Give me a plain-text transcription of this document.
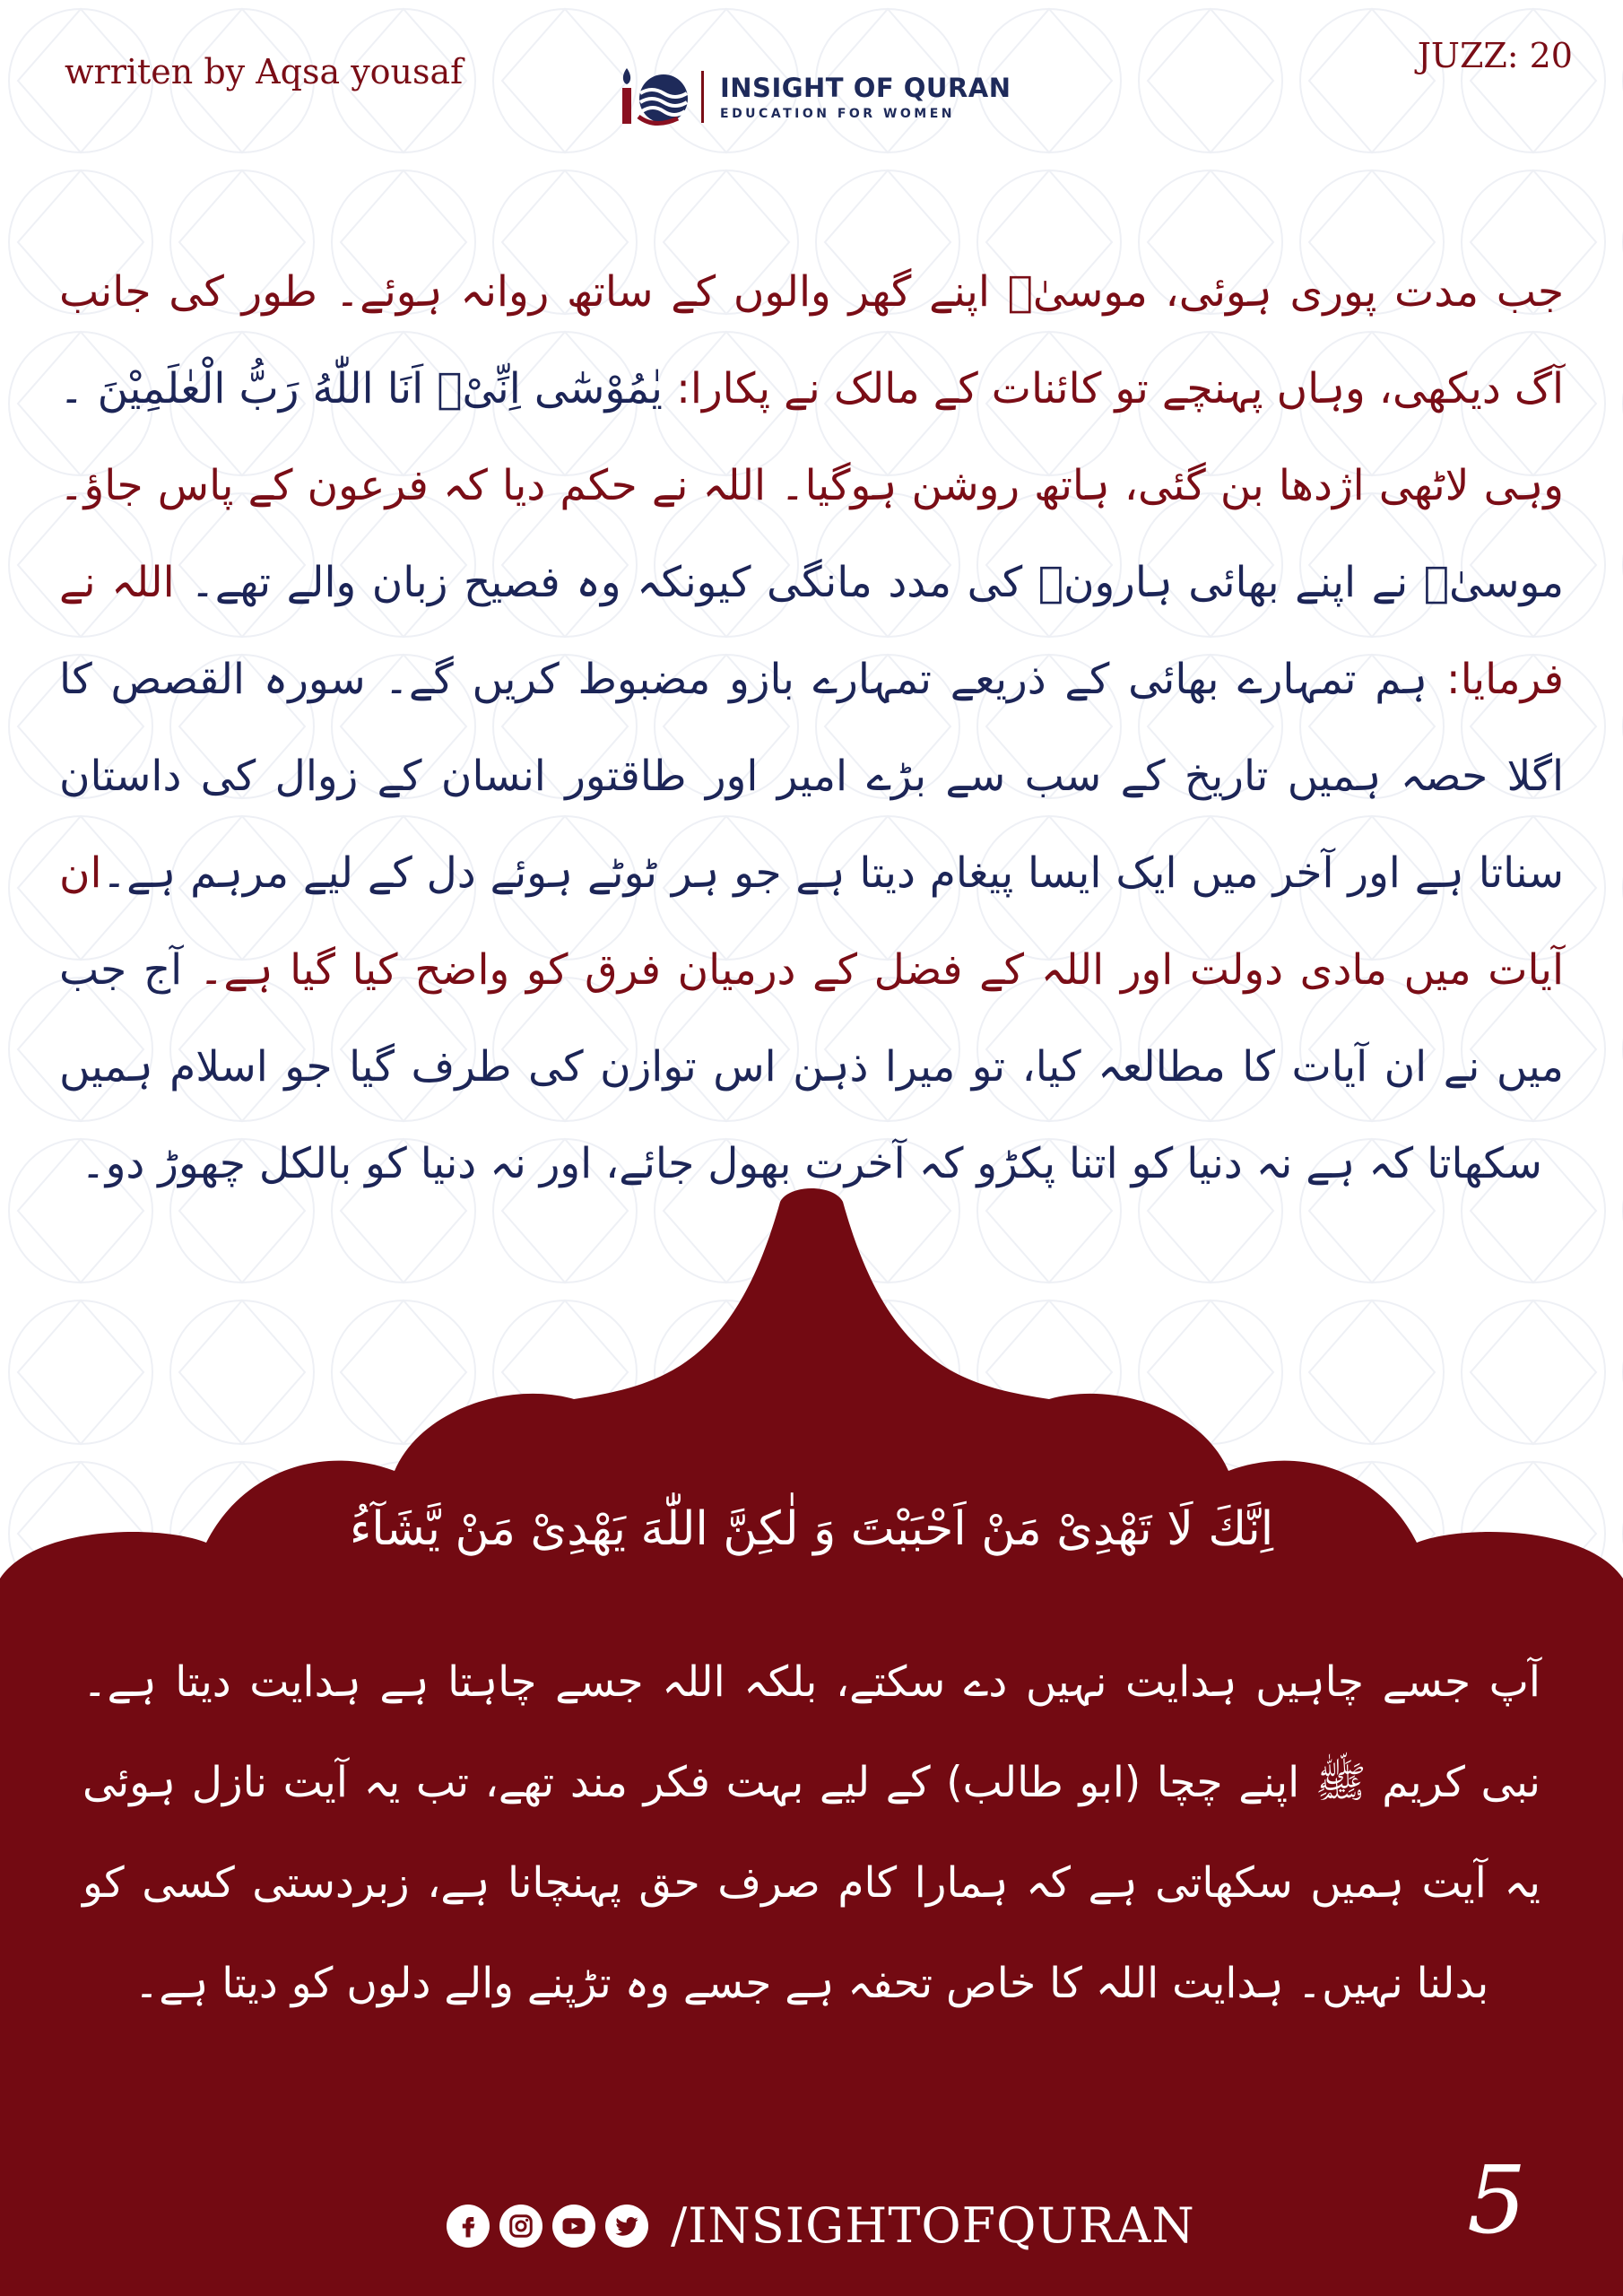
wrriten by Aqsa yousaf	JUZZ: 20
INSIGHT OF QURAN
EDUCATION FOR WOMEN
جب مدت پوری ہوئی، موسیٰؑ اپنے گھر والوں کے ساتھ روانہ ہوئے۔ طور کی جانب آگ دیکھی، وہاں پہنچے تو کائنات کے مالک نے پکارا: یٰمُوْسٰٓى اِنِّیْۤ اَنَا اللّٰهُ رَبُّ الْعٰلَمِیْنَ ۔ وہی لاٹھی اژدھا بن گئی، ہاتھ روشن ہوگیا۔ اللہ نے حکم دیا کہ فرعون کے پاس جاؤ۔ موسیٰؑ نے اپنے بھائی ہارونؑ کی مدد مانگی کیونکہ وہ فصیح زبان والے تھے۔ اللہ نے فرمایا: ہم تمہارے بھائی کے ذریعے تمہارے بازو مضبوط کریں گے۔ سورہ القصص کا اگلا حصہ ہمیں تاریخ کے سب سے بڑے امیر اور طاقتور انسان کے زوال کی داستان سناتا ہے اور آخر میں ایک ایسا پیغام دیتا ہے جو ہر ٹوٹے ہوئے دل کے لیے مرہم ہے۔ان آیات میں مادی دولت اور اللہ کے فضل کے درمیان فرق کو واضح کیا گیا ہے۔ آج جب میں نے ان آیات کا مطالعہ کیا، تو میرا ذہن اس توازن کی طرف گیا جو اسلام ہمیں سکھاتا کہ ہے نہ دنیا کو اتنا پکڑو کہ آخرت بھول جائے، اور نہ دنیا کو بالکل چھوڑ دو۔
اِنَّكَ لَا تَهْدِیْ مَنْ اَحْبَبْتَ وَ لٰكِنَّ اللّٰهَ یَهْدِیْ مَنْ یَّشَآءُ
آپ جسے چاہیں ہدایت نہیں دے سکتے، بلکہ اللہ جسے چاہتا ہے ہدایت دیتا ہے۔ نبی کریم ﷺ اپنے چچا (ابو طالب) کے لیے بہت فکر مند تھے، تب یہ آیت نازل ہوئی یہ آیت ہمیں سکھاتی ہے کہ ہمارا کام صرف حق پہنچانا ہے، زبردستی کسی کو بدلنا نہیں۔ ہدایت اللہ کا خاص تحفہ ہے جسے وہ تڑپنے والے دلوں کو دیتا ہے۔
/INSIGHTOFQURAN	5
